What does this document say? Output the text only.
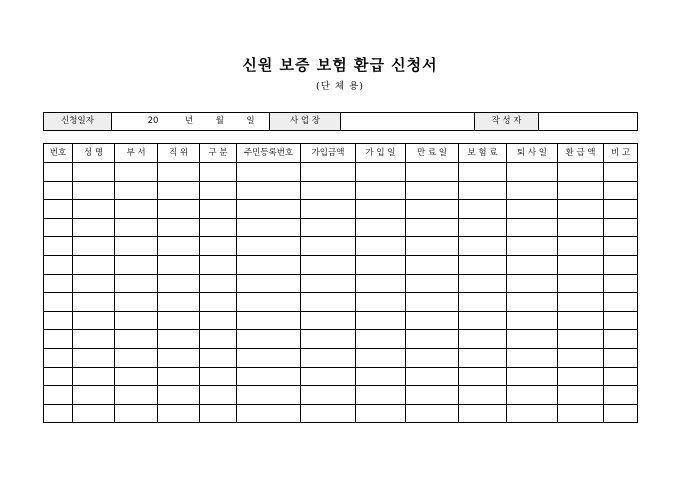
신원 보증 보험 환급 신청서
(단 체 용)
신청일자	20	년	월	일	사 업 장		작 성 자	
번호	성 명	부 서	직 위	구 분	주민등록번호	가입금액	가 입 일	만 료 일	보 험 료	퇴 사 일	환 급 액	비 고
